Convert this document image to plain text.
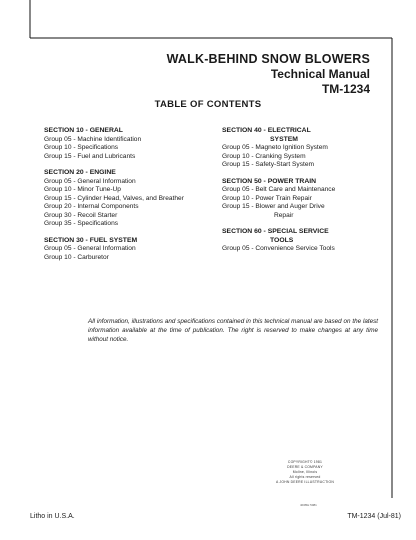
WALK-BEHIND SNOW BLOWERS
Technical Manual
TM-1234
TABLE OF CONTENTS
SECTION 10 - GENERAL
Group 05 - Machine Identification
Group 10 - Specifications
Group 15 - Fuel and Lubricants
SECTION 20 - ENGINE
Group 05 - General Information
Group 10 - Minor Tune-Up
Group 15 - Cylinder Head, Valves, and Breather
Group 20 - Internal Components
Group 30 - Recoil Starter
Group 35 - Specifications
SECTION 30 - FUEL SYSTEM
Group 05 - General Information
Group 10 - Carburetor
SECTION 40 - ELECTRICAL
SYSTEM
Group 05 - Magneto Ignition System
Group 10 - Cranking System
Group 15 - Safety-Start System
SECTION 50 - POWER TRAIN
Group 05 - Belt Care and Maintenance
Group 10 - Power Train Repair
Group 15 - Blower and Auger Drive
Repair
SECTION 60 - SPECIAL SERVICE
TOOLS
Group 05 - Convenience Service Tools
All information, illustrations and specifications contained in this technical manual are based on the latest information available at the time of publication. The right is reserved to make changes at any time without notice.
COPYRIGHT© 1981
DEERE & COMPANY
Moline, Illinois
All rights reserved
A JOHN DEERE ILLUSTRUCTION
4D05H 5081
Litho in U.S.A.	TM-1234 (Jul-81)
